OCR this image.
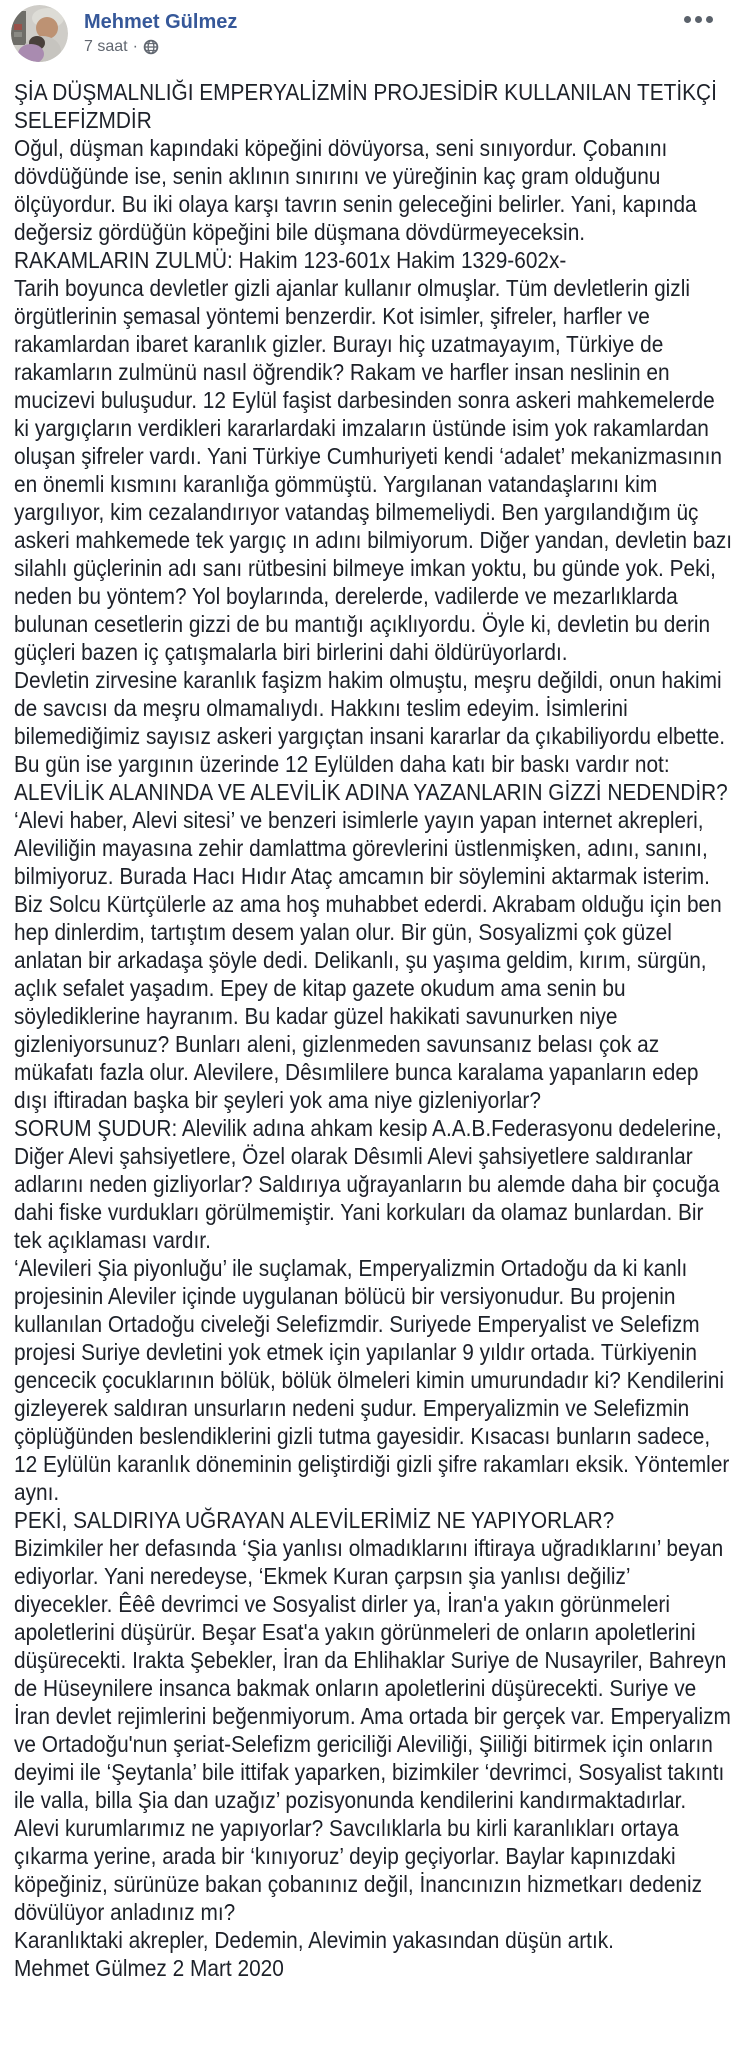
Mehmet Gülmez
7 saat ·

ŞİA DÜŞMALNLIĞI EMPERYALİZMİN PROJESİDİR KULLANILAN TETİKÇİ SELEFİZMDİR

Oğul, düşman kapındaki köpeğini dövüyorsa, seni sınıyordur. Çobanını dövdüğünde ise, senin aklının sınırını ve yüreğinin kaç gram olduğunu ölçüyordur. Bu iki olaya karşı tavrın senin geleceğini belirler. Yani, kapında değersiz gördüğün köpeğini bile düşmana dövdürmeyeceksin.

RAKAMLARIN ZULMÜ: Hakim 123-601x Hakim 1329-602x-

Tarih boyunca devletler gizli ajanlar kullanır olmuşlar. Tüm devletlerin gizli örgütlerinin şemasal yöntemi benzerdir. Kot isimler, şifreler, harfler ve rakamlardan ibaret karanlık gizler. Burayı hiç uzatmayayım, Türkiye de rakamların zulmünü nasıl öğrendik? Rakam ve harfler insan neslinin en mucizevi buluşudur. 12 Eylül faşist darbesinden sonra askeri mahkemelerde ki yargıçların verdikleri kararlardaki imzaların üstünde isim yok rakamlardan oluşan şifreler vardı. Yani Türkiye Cumhuriyeti kendi ‘adalet’ mekanizmasının en önemli kısmını karanlığa gömmüştü. Yargılanan vatandaşlarını kim yargılıyor, kim cezalandırıyor vatandaş bilmemeliydi. Ben yargılandığım üç askeri mahkemede tek yargıç ın adını bilmiyorum. Diğer yandan, devletin bazı silahlı güçlerinin adı sanı rütbesini bilmeye imkan yoktu, bu günde yok. Peki, neden bu yöntem? Yol boylarında, derelerde, vadilerde ve mezarlıklarda bulunan cesetlerin gizzi de bu mantığı açıklıyordu. Öyle ki, devletin bu derin güçleri bazen iç çatışmalarla biri birlerini dahi öldürüyorlardı.

Devletin zirvesine karanlık faşizm hakim olmuştu, meşru değildi, onun hakimi de savcısı da meşru olmamalıydı. Hakkını teslim edeyim. İsimlerini bilemediğimiz sayısız askeri yargıçtan insani kararlar da çıkabiliyordu elbette. Bu gün ise yargının üzerinde 12 Eylülden daha katı bir baskı vardır not:

ALEVİLİK ALANINDA VE ALEVİLİK ADINA YAZANLARIN GİZZİ NEDENDİR?

‘Alevi haber, Alevi sitesi’ ve benzeri isimlerle yayın yapan internet akrepleri, Aleviliğin mayasına zehir damlattma görevlerini üstlenmişken, adını, sanını, bilmiyoruz. Burada Hacı Hıdır Ataç amcamın bir söylemini aktarmak isterim. Biz Solcu Kürtçülerle az ama hoş muhabbet ederdi. Akrabam olduğu için ben hep dinlerdim, tartıştım desem yalan olur. Bir gün, Sosyalizmi çok güzel anlatan bir arkadaşa şöyle dedi. Delikanlı, şu yaşıma geldim, kırım, sürgün, açlık sefalet yaşadım. Epey de kitap gazete okudum ama senin bu söylediklerine hayranım. Bu kadar güzel hakikati savunurken niye gizleniyorsunuz? Bunları aleni, gizlenmeden savunsanız belası çok az mükafatı fazla olur. Alevilere, Dêsımlilere bunca karalama yapanların edep dışı iftiradan başka bir şeyleri yok ama niye gizleniyorlar?

SORUM ŞUDUR: Alevilik adına ahkam kesip A.A.B.Federasyonu dedelerine, Diğer Alevi şahsiyetlere, Özel olarak Dêsımli Alevi şahsiyetlere saldıranlar adlarını neden gizliyorlar? Saldırıya uğrayanların bu alemde daha bir çocuğa dahi fiske vurdukları görülmemiştir. Yani korkuları da olamaz bunlardan. Bir tek açıklaması vardır.

‘Alevileri Şia piyonluğu’ ile suçlamak, Emperyalizmin Ortadoğu da ki kanlı projesinin Aleviler içinde uygulanan bölücü bir versiyonudur. Bu projenin kullanılan Ortadoğu civeleği Selefizmdir. Suriyede Emperyalist ve Selefizm projesi Suriye devletini yok etmek için yapılanlar 9 yıldır ortada. Türkiyenin gencecik çocuklarının bölük, bölük ölmeleri kimin umurundadır ki? Kendilerini gizleyerek saldıran unsurların nedeni şudur. Emperyalizmin ve Selefizmin çöplüğünden beslendiklerini gizli tutma gayesidir. Kısacası bunların sadece, 12 Eylülün karanlık döneminin geliştirdiği gizli şifre rakamları eksik. Yöntemler aynı.

PEKİ, SALDIRIYA UĞRAYAN ALEVİLERİMİZ NE YAPIYORLAR?

Bizimkiler her defasında ‘Şia yanlısı olmadıklarını iftiraya uğradıklarını’ beyan ediyorlar. Yani neredeyse, ‘Ekmek Kuran çarpsın şia yanlısı değiliz’ diyecekler. Êêê devrimci ve Sosyalist dirler ya, İran'a yakın görünmeleri apoletlerini düşürür. Beşar Esat'a yakın görünmeleri de onların apoletlerini düşürecekti. Irakta Şebekler, İran da Ehlihaklar Suriye de Nusayriler, Bahreyn de Hüseynilere insanca bakmak onların apoletlerini düşürecekti. Suriye ve İran devlet rejimlerini beğenmiyorum. Ama ortada bir gerçek var. Emperyalizm ve Ortadoğu'nun şeriat-Selefizm gericiliği Aleviliği, Şiiliği bitirmek için onların deyimi ile ‘Şeytanla’ bile ittifak yaparken, bizimkiler ‘devrimci, Sosyalist takıntı ile valla, billa Şia dan uzağız’ pozisyonunda kendilerini kandırmaktadırlar. Alevi kurumlarımız ne yapıyorlar? Savcılıklarla bu kirli karanlıkları ortaya çıkarma yerine, arada bir ‘kınıyoruz’ deyip geçiyorlar. Baylar kapınızdaki köpeğiniz, sürünüze bakan çobanınız değil, İnancınızın hizmetkarı dedeniz dövülüyor anladınız mı?

Karanlıktaki akrepler, Dedemin, Alevimin yakasından düşün artık.

Mehmet Gülmez 2 Mart 2020
